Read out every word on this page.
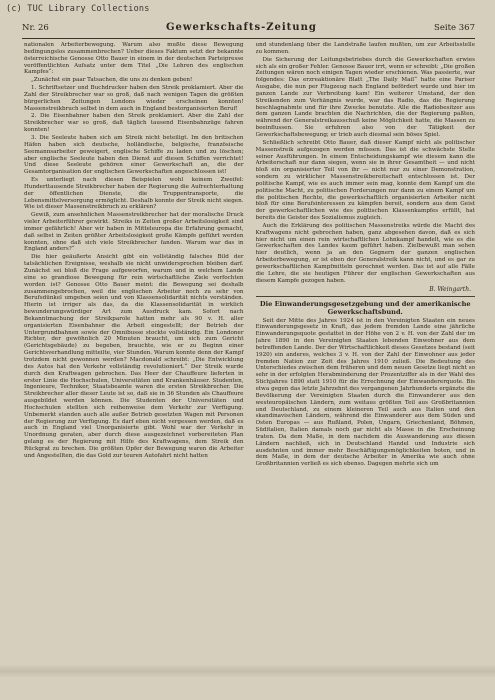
(c) TUC Library Collections
Nr. 26	Gewerkschafts-Zeitung	Seite 367

nationalen Arbeiterbewegung. Warum also mußte diese Bewegung bedingungslos zusammenbrechen? Ueber dieses Faktum setzt der bekannte österreichische Genosse Otto Bauer in einem in der deutschen Parteipresse veröffentlichten Aufsatz unter dem Titel „Die Lehren des englischen Kampfes“:

„Zunächst ein paar Tatsachen, die uns zu denken geben!

1. Schriftsetzer und Buchdrucker haben den Streik proklamiert. Aber die Zahl der Streikbrecher war so groß, daß nach wenigen Tagen die größten bürgerlichen Zeitungen Londons wieder erscheinen konnten! Massenstreikbruch selbst in dem auch in England bestorganisierten Beruf!

2. Die Eisenbahner haben den Streik proklamiert. Aber die Zahl der Streikbrecher war so groß, daß täglich tausend Eisenbahnzüge fahren konnten!

3. Die Seeleute haben sich am Streik nicht beteiligt. Im den britischen Häfen haben sich deutsche, holländische, belgische, französische Seemannsarbeiter geweigert, englische Schiffe zu laden und zu löschen; aber englische Seeleute haben den Dienst auf diesen Schiffen verrichtet! Und diese Seeleute gehören einer Gewerkschaft an, die der Gesamtorganisation der englischen Gewerkschaften angeschlossen ist!

Es unterliegt nach diesen Beispielen wohl keinem Zweifel: Hunderttausende Streikbrecher haben der Regierung die Aufrechterhaltung der öffentlichen Dienste, die Truppentransporte, die Lebensmittelversorgung ermöglicht. Deshalb konnte der Streik nicht siegen. Wie ist dieser Massenstreikbruch zu erklären?

Gewiß, zum ansehnlichen Massenstreikbrecher hat der moralische Druck vieler Arbeiterführer gewirkt. Streiks in Zeiten großer Arbeitslosigkeit sind immer gefährlich! Aber wir haben in Mitteleuropa die Erfahrung gemacht, daß selbst in Zeiten größter Arbeitslosigkeit große Kämpfe geführt werden konnten, ohne daß sich viele Streikbrecher fanden. Warum war das in England anders?“

Die hier geäußerte Ansicht gibt ein vollständig falsches Bild der tatsächlichen Ereignisse, weshalb sie nicht unwidersprochen bleiben darf. Zunächst sei bloß die Frage aufgeworfen, warum und in welchem Lande eine so grandiose Bewegung für rein wirtschaftliche Ziele verfochten worden ist? Genosse Otto Bauer meint: die Bewegung sei deshalb zusammengebrochen, weil die englischen Arbeiter noch zu sehr von Berufsdünkel umgeben seien und von Klassensolidarität nichts verständen. Hierin ist irriger als das, da die Klassensolidarität in wirklich bewunderungswürdiger Art zum Ausdruck kam. Sofort nach Bekanntmachung der Streikparole hatten mehr als 90 v. H. aller organisierten Eisenbahner die Arbeit eingestellt; der Betrieb der Untergrundbahnen sowie der Omnibusse stockte vollständig. Ein Londoner Richter, der gewöhnlich 20 Minuten braucht, um sich zum Gericht (Gerichtsgebäude) zu begeben, brauchte, wie er zu Beginn einer Gerichtsverhandlung mitteilte, vier Stunden. Warum konnte denn der Kampf trotzdem nicht gewonnen werden? Macdonald schreibt: „Die Entwicklung des Autos hat den Verkehr vollständig revolutioniert.“ Der Streik wurde durch den Kraftwagen gebrochen. Das Heer der Chauffeure lieferten in erster Linie die Hochschulen, Universitäten und Krankenhäuser. Studenten, Ingenieure, Techniker, Staatsbeamte waren die ersten Streikbrecher. Die Streikbrecher aller dieser Leute ist so, daß sie in 36 Stunden als Chauffeure ausgebildet werden können. Die Studenten der Universitäten und Hochschulen stellten sich reihenweise dem Verkehr zur Verfügung. Unbemerkt standen auch alle außer Betrieb gesetzten Wagen mit Personen der Regierung zur Verfügung. Es darf eben nicht vergessen werden, daß es auch in England viel Unorganisierte gibt. Wohl war der Verkehr in Unordnung geraten, aber durch diese ausgezeichnet vorbereiteten Plan gelang es der Regierung mit Hilfe des Kraftwagens, dem Streik den Rückgrat zu brechen. Die größten Opfer der Bewegung waren die Arbeiter und Angestellten, die das Gold zur teuren Autofahrt nicht hatten

und stundenlang über die Landstraße laufen mußten, um zur Arbeitsstelle zu kommen.

Die Sicherung der Leitungsbetriebes durch die Gewerkschaften erwies sich als ein großer Fehler. Genosse Bauer irrt, wenn er schreibt: „Die großen Zeitungen wären noch einigen Tagen wieder erschienen. Was passierte, war folgendes: Das erzreaktionäre Blatt „The Daily Mail“ hatte eine Pariser Ausgabe, die nun per Flugzeug nach England befördert wurde und hier im ganzen Lande zur Verbreitung kam! Ein weiterer Umstand, der den Streikenden zum Verhängnis wurde, war das Radio, das die Regierung beschlagnahmte und für ihre Zwecke benutzte. Alle die Radiobesitzer aus dem ganzen Lande brachten die Nachrichten, die der Regierung paßten, während der Generalstreikausschuß keine Möglichkeit hatte, die Massen zu beeinflussen. Sie erfuhren also von der Tätigkeit der Gewerkschaftsbewegung; er trieb auch diesmal sein böses Spiel.

Schließlich schreibt Otto Bauer, daß dieser Kampf nicht als politischer Massenstreik aufgezogen werden müssen. Das ist die schwächste Stelle seiner Ausführungen. In einem Entscheidungskampf wie diesem kann die Arbeiterschaft nur dann siegen, wenn sie in ihrer Gesamtheit — und nicht bloß ein organisierter Teil von ihr — nicht nur zu einer Demonstration, sondern zu wirklicher Massenstreikbereitschaft entschlossen ist. Der politische Kampf, wie es auch immer sein mag, konnte dem Kampf um die politische Macht, zu politischen Forderungen nur dann zu einem Kampf um die politischen Rechte, die gewerkschaftlich organisierten Arbeiter nicht bloß für eine Berufsinteressen zu kämpfen bereit, sondern aus dem Geist der gewerkschaftlichen wie des politischen Klassenkampfes erfüllt, hat bereits die Geister des Sozialismus zugleich.

Auch die Erklärung des politischen Massenstreiks würde die Macht des Kraftwagens nicht gebrochen haben, ganz abgesehen davon, daß es sich hier nicht um einen rein wirtschaftlichen Lohnkampf handelt, wie es die Gewerkschaften des Landes kaum geführt haben. Zielbewußt man sehen hier deutlich, wenn ja an den Gegnern der ganzen englischen Arbeiterbewegung, er ist eben der Generalstreik kann nicht, und es gar zu gewerkschaftlichen Kampfmitteln gerechnet werden. Das ist auf alle Fälle die Lehre, die sie heutigen Führer der englischen Gewerkschaften aus diesem Kampfe gezogen haben.

B. Weingarth.
Die Einwanderungsgesetzgebung und der amerikanische Gewerkschaftsbund.

Seit der Mitte des Jahres 1924 ist in den Vereinigten Staaten ein neues Einwanderungsgesetz in Kraft, das jedem fremden Lande eine jährliche Einwanderungsquote gestattet in der Höhe von 2 v. H. von der Zahl der im Jahre 1890 in den Vereinigten Staaten lebenden Einwohner aus dem betreffenden Lande. Der der Wirtschaftlichkeit dieses Gesetzes bestand (seit 1920) ein anderes, welches 3 v. H. von der Zahl der Einwohner aus jeder fremden Nation zur Zeit des Jahres 1910 zuließ. Die Bedeutung des Unterschiedes zwischen dem früheren und dem neuen Gesetze liegt nicht so sehr in der erfolgten Herabminderung der Prozentziffer als in der Wahl des Stichjahres 1890 statt 1910 für die Errechnung der Einwandererquote. Bis etwa gegen das letzte Jahrzehnt des vergangenen Jahrhunderts ergänzte die Bevölkerung der Vereinigten Staaten durch die Einwanderer aus den westeuropäischen Ländern, zum weitaus größten Teil aus Großbritannien und Deutschland, zu einem kleineren Teil auch aus Italien und den skandinavischen Ländern, während die Einwanderer aus dem Süden und Osten Europas — aus Rußland, Polen, Ungarn, Griechenland, Böhmen, Süditalien, Italien damals noch gar nicht als Masse in die Erscheinung traten. Da dem Maße, in dem nachdem die Auswanderung aus diesen Ländern nachließ, sich in Deutschland Handel und Industrie sich ausdehnten und immer mehr Beschäftigungsmöglichkeiten boten, und in dem Maße, in dem der deutsche Arbeiter in Amerika wie auch ohne Großbritannien verließ es sich ebenso. Dagegen mehrte sich um
